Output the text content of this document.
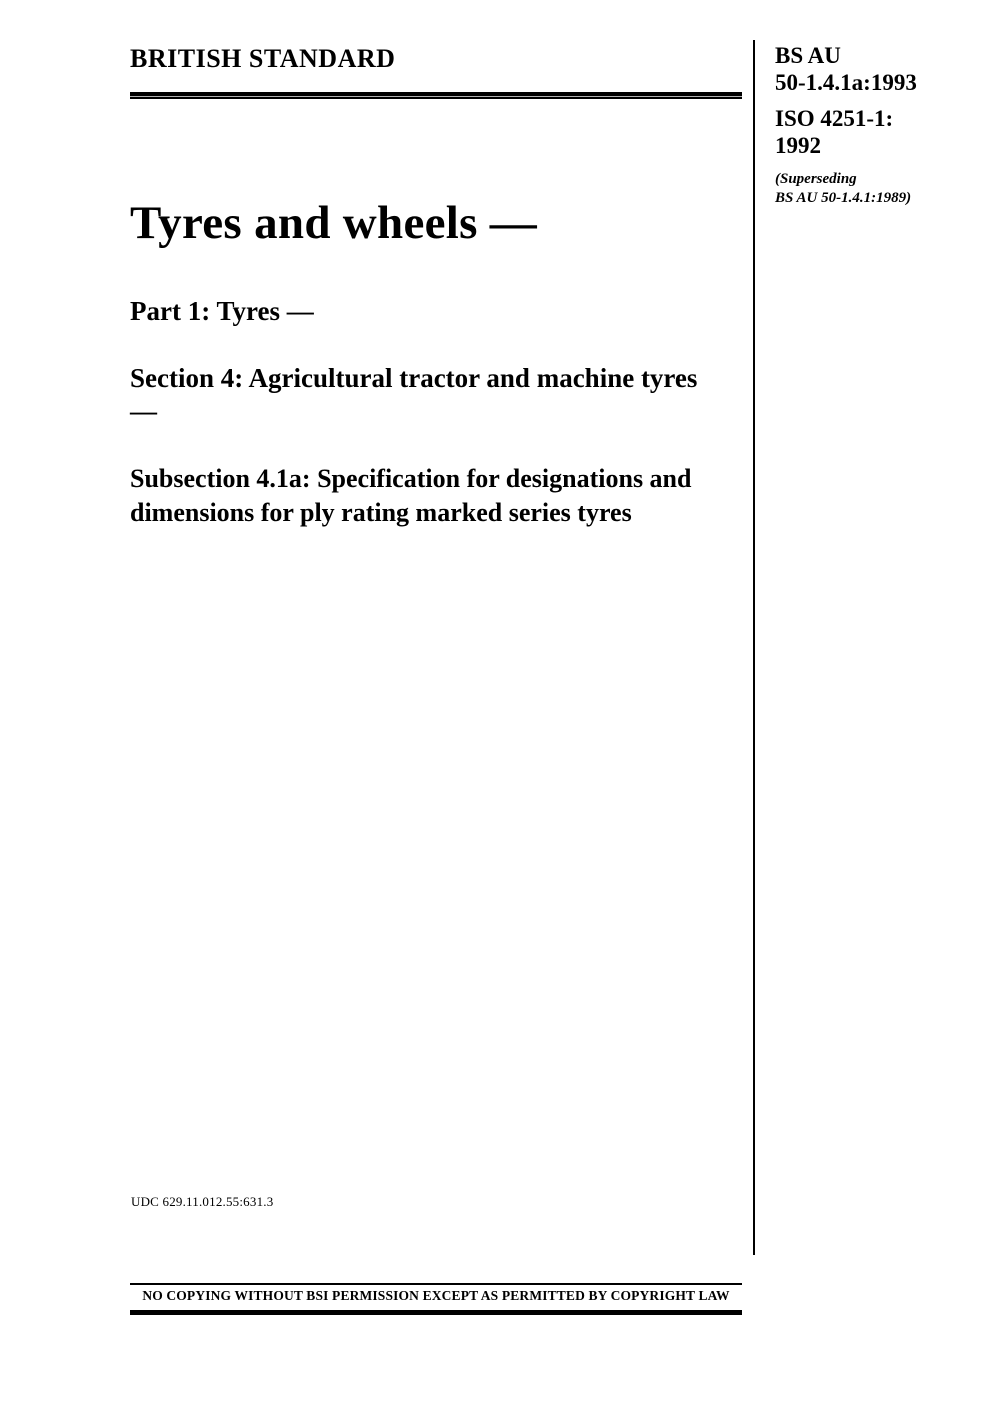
BRITISH STANDARD	BS AU
50-1.4.1a:1993
ISO 4251-1:
1992
(Superseding
BS AU 50-1.4.1:1989)
Tyres and wheels —
Part 1: Tyres —
Section 4: Agricultural tractor and machine tyres —
Subsection 4.1a: Specification for designations and dimensions for ply rating marked series tyres
UDC 629.11.012.55:631.3
NO COPYING WITHOUT BSI PERMISSION EXCEPT AS PERMITTED BY COPYRIGHT LAW
